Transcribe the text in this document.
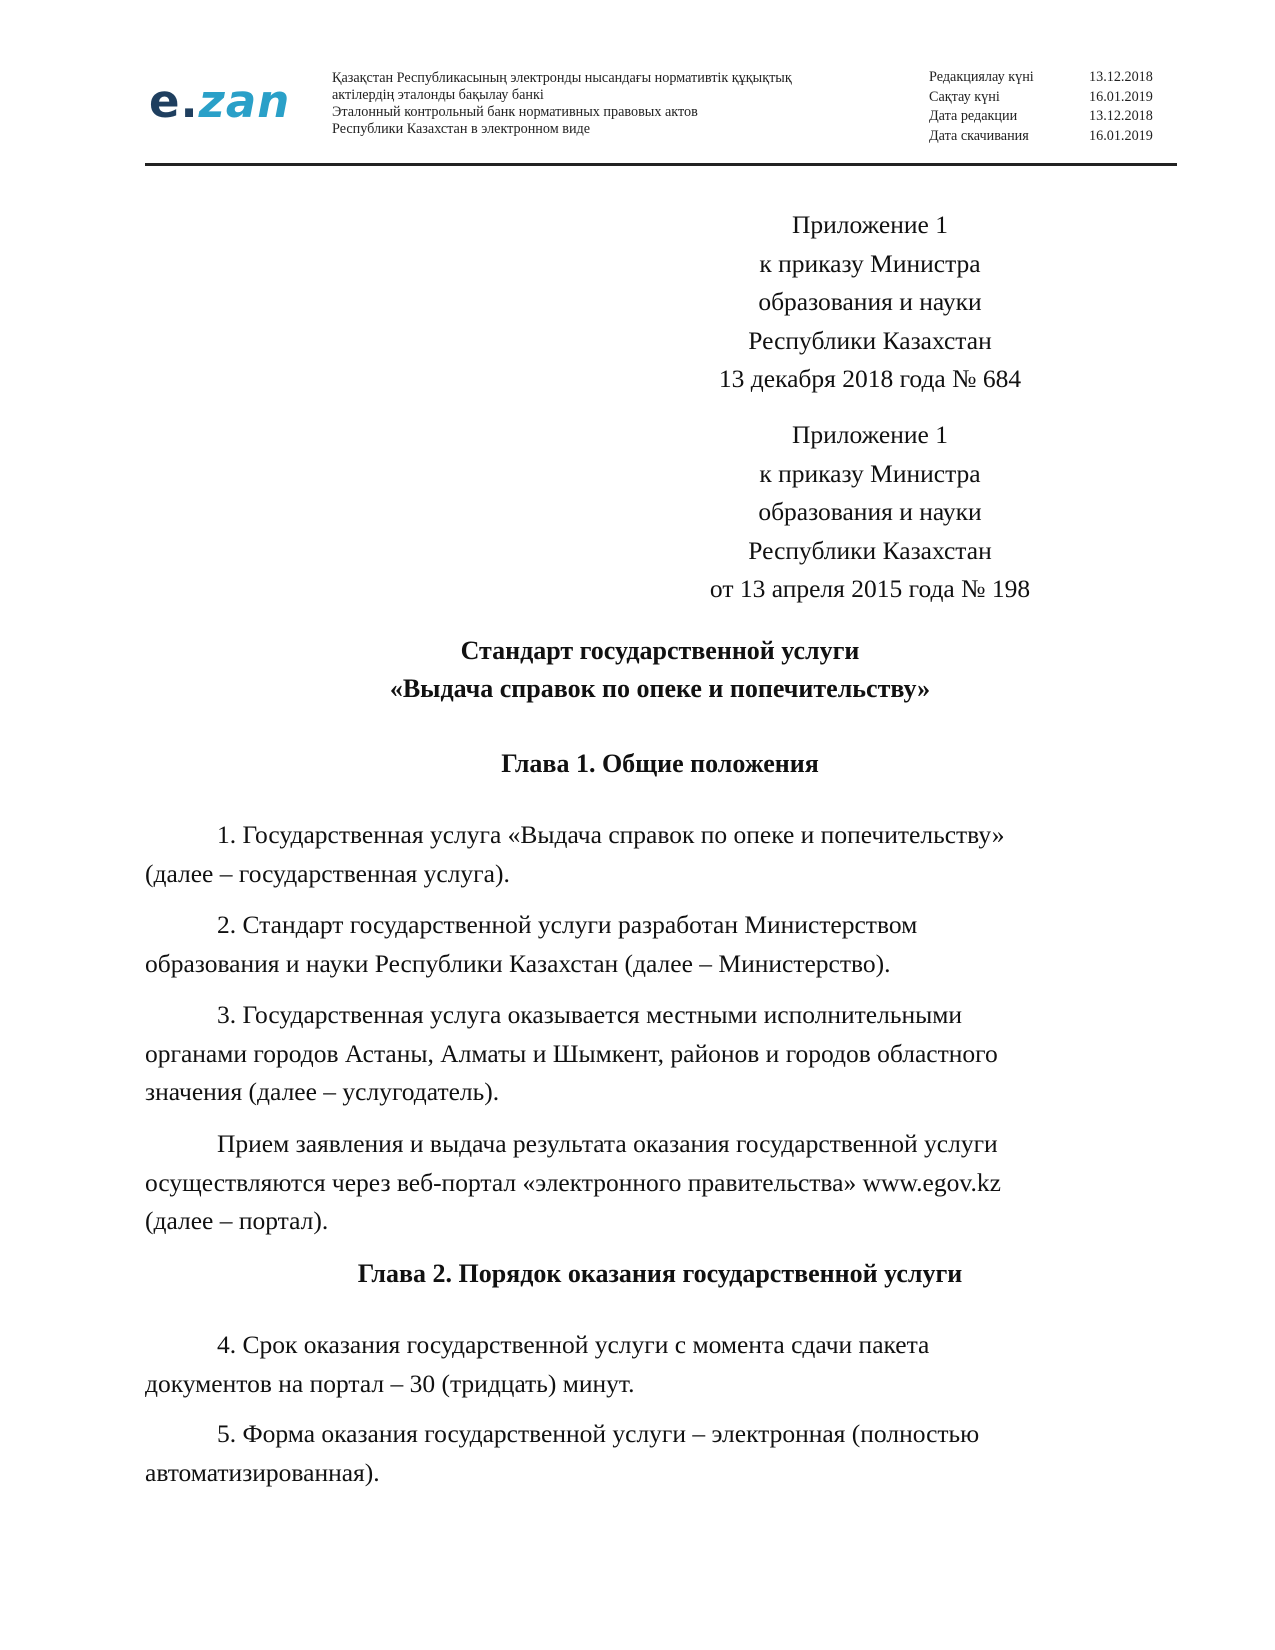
e.zan	Қазақстан Республикасының электронды нысандағы нормативтік құқықтық
актілердің эталонды бақылау банкі
Эталонный контрольный банк нормативных правовых актов
Республики Казахстан в электронном виде
Редакциялау күні	13.12.2018
Сақтау күні	16.01.2019
Дата редакции	13.12.2018
Дата скачивания	16.01.2019
Приложение 1
к приказу Министра
образования и науки
Республики Казахстан
13 декабря 2018 года № 684
Приложение 1
к приказу Министра
образования и науки
Республики Казахстан
от 13 апреля 2015 года № 198
Стандарт государственной услуги
«Выдача справок по опеке и попечительству»
Глава 1. Общие положения
1. Государственная услуга «Выдача справок по опеке и попечительству»
(далее – государственная услуга).
2. Стандарт государственной услуги разработан Министерством
образования и науки Республики Казахстан (далее – Министерство).
3. Государственная услуга оказывается местными исполнительными
органами городов Астаны, Алматы и Шымкент, районов и городов областного
значения (далее – услугодатель).
Прием заявления и выдача результата оказания государственной услуги
осуществляются через веб-портал «электронного правительства» www.egov.kz
(далее – портал).
Глава 2. Порядок оказания государственной услуги
4. Срок оказания государственной услуги с момента сдачи пакета
документов на портал – 30 (тридцать) минут.
5. Форма оказания государственной услуги – электронная (полностью
автоматизированная).
